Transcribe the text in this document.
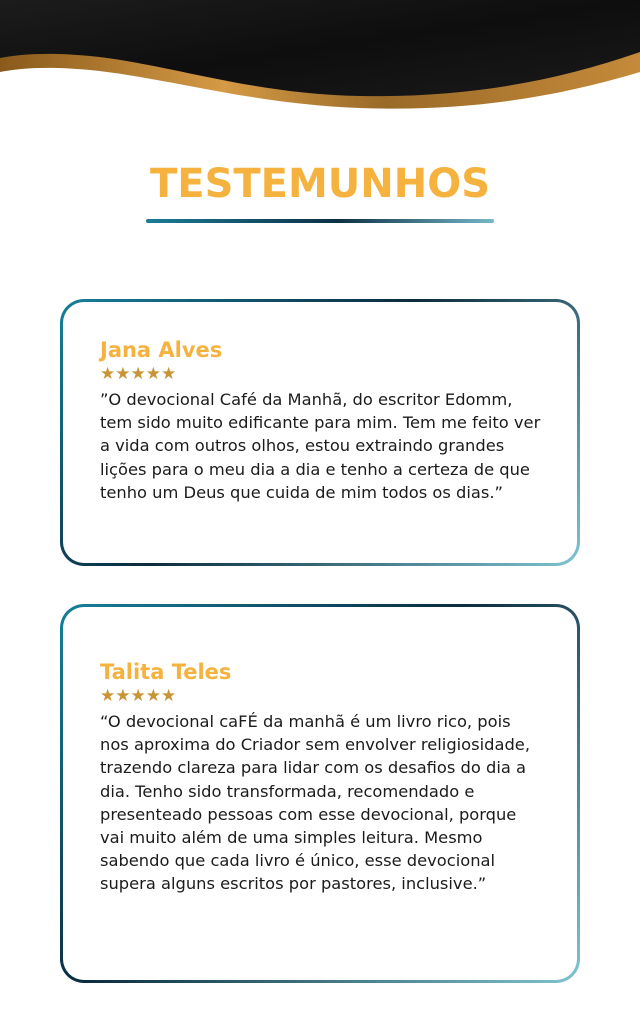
TESTEMUNHOS

Jana Alves

★★★★★

”O devocional Café da Manhã, do escritor Edomm, tem sido muito edificante para mim. Tem me feito ver a vida com outros olhos, estou extraindo grandes lições para o meu dia a dia e tenho a certeza de que tenho um Deus que cuida de mim todos os dias.”

Talita Teles

★★★★★

“O devocional caFÉ da manhã é um livro rico, pois nos aproxima do Criador sem envolver religiosidade, trazendo clareza para lidar com os desafios do dia a dia. Tenho sido transformada, recomendado e presenteado pessoas com esse devocional, porque vai muito além de uma simples leitura. Mesmo sabendo que cada livro é único, esse devocional supera alguns escritos por pastores, inclusive.”
